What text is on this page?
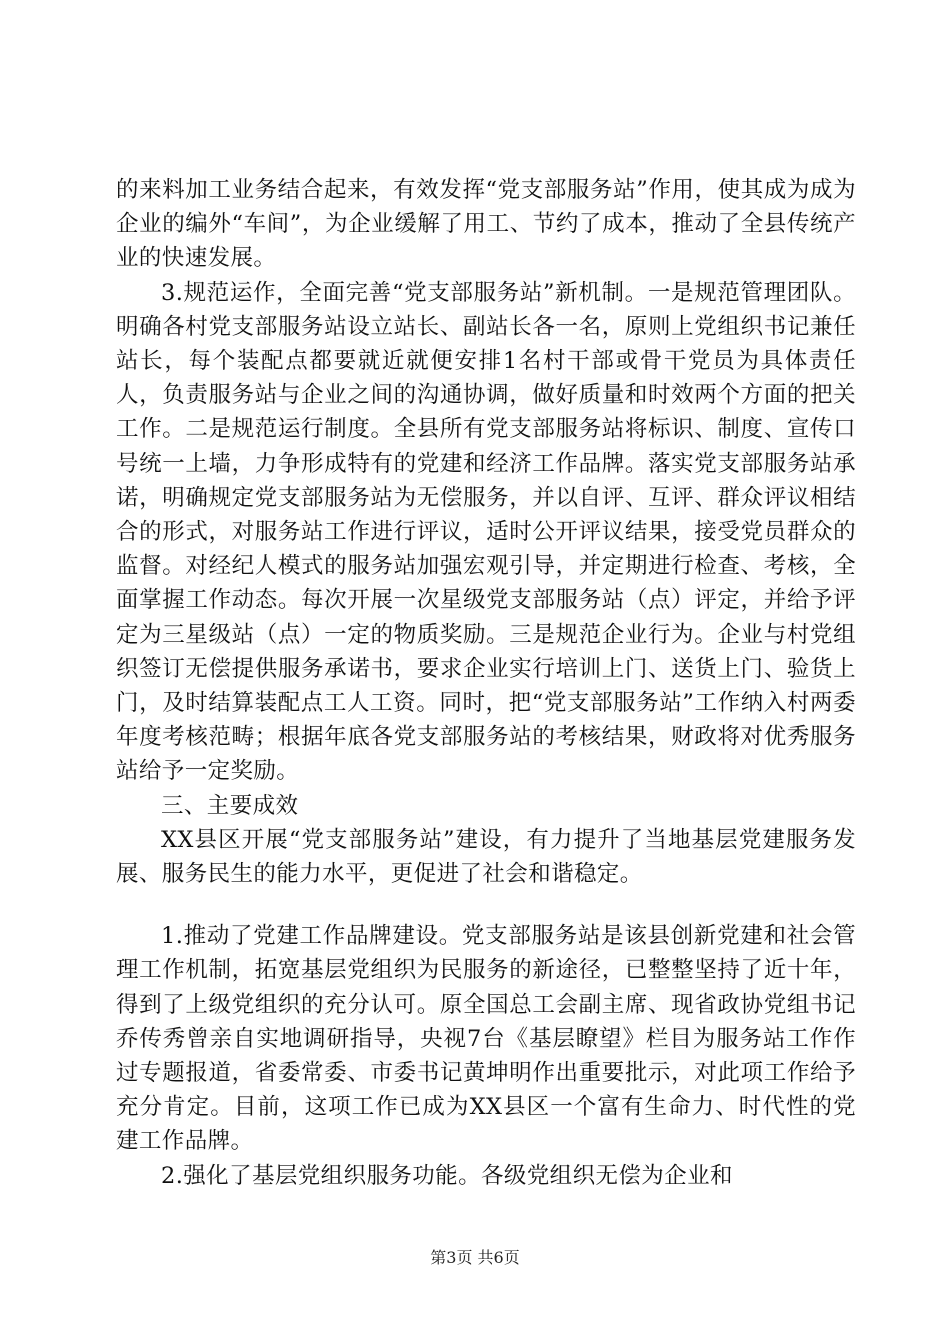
的来料加工业务结合起来，有效发挥“党支部服务站”作用，使其成为成为企业的编外“车间”，为企业缓解了用工、节约了成本，推动了全县传统产业的快速发展。

3.规范运作，全面完善“党支部服务站”新机制。一是规范管理团队。明确各村党支部服务站设立站长、副站长各一名，原则上党组织书记兼任站长，每个装配点都要就近就便安排1名村干部或骨干党员为具体责任人，负责服务站与企业之间的沟通协调，做好质量和时效两个方面的把关工作。二是规范运行制度。全县所有党支部服务站将标识、制度、宣传口号统一上墙，力争形成特有的党建和经济工作品牌。落实党支部服务站承诺，明确规定党支部服务站为无偿服务，并以自评、互评、群众评议相结合的形式，对服务站工作进行评议，适时公开评议结果，接受党员群众的监督。对经纪人模式的服务站加强宏观引导，并定期进行检查、考核，全面掌握工作动态。每次开展一次星级党支部服务站（点）评定，并给予评定为三星级站（点）一定的物质奖励。三是规范企业行为。企业与村党组织签订无偿提供服务承诺书，要求企业实行培训上门、送货上门、验货上门，及时结算装配点工人工资。同时，把“党支部服务站”工作纳入村两委年度考核范畴；根据年底各党支部服务站的考核结果，财政将对优秀服务站给予一定奖励。

三、主要成效

XX县区开展“党支部服务站”建设，有力提升了当地基层党建服务发展、服务民生的能力水平，更促进了社会和谐稳定。

1.推动了党建工作品牌建设。党支部服务站是该县创新党建和社会管理工作机制，拓宽基层党组织为民服务的新途径，已整整坚持了近十年，得到了上级党组织的充分认可。原全国总工会副主席、现省政协党组书记乔传秀曾亲自实地调研指导，央视7台《基层瞭望》栏目为服务站工作作过专题报道，省委常委、市委书记黄坤明作出重要批示，对此项工作给予充分肯定。目前，这项工作已成为XX县区一个富有生命力、时代性的党建工作品牌。

2.强化了基层党组织服务功能。各级党组织无偿为企业和

第3页 共6页
